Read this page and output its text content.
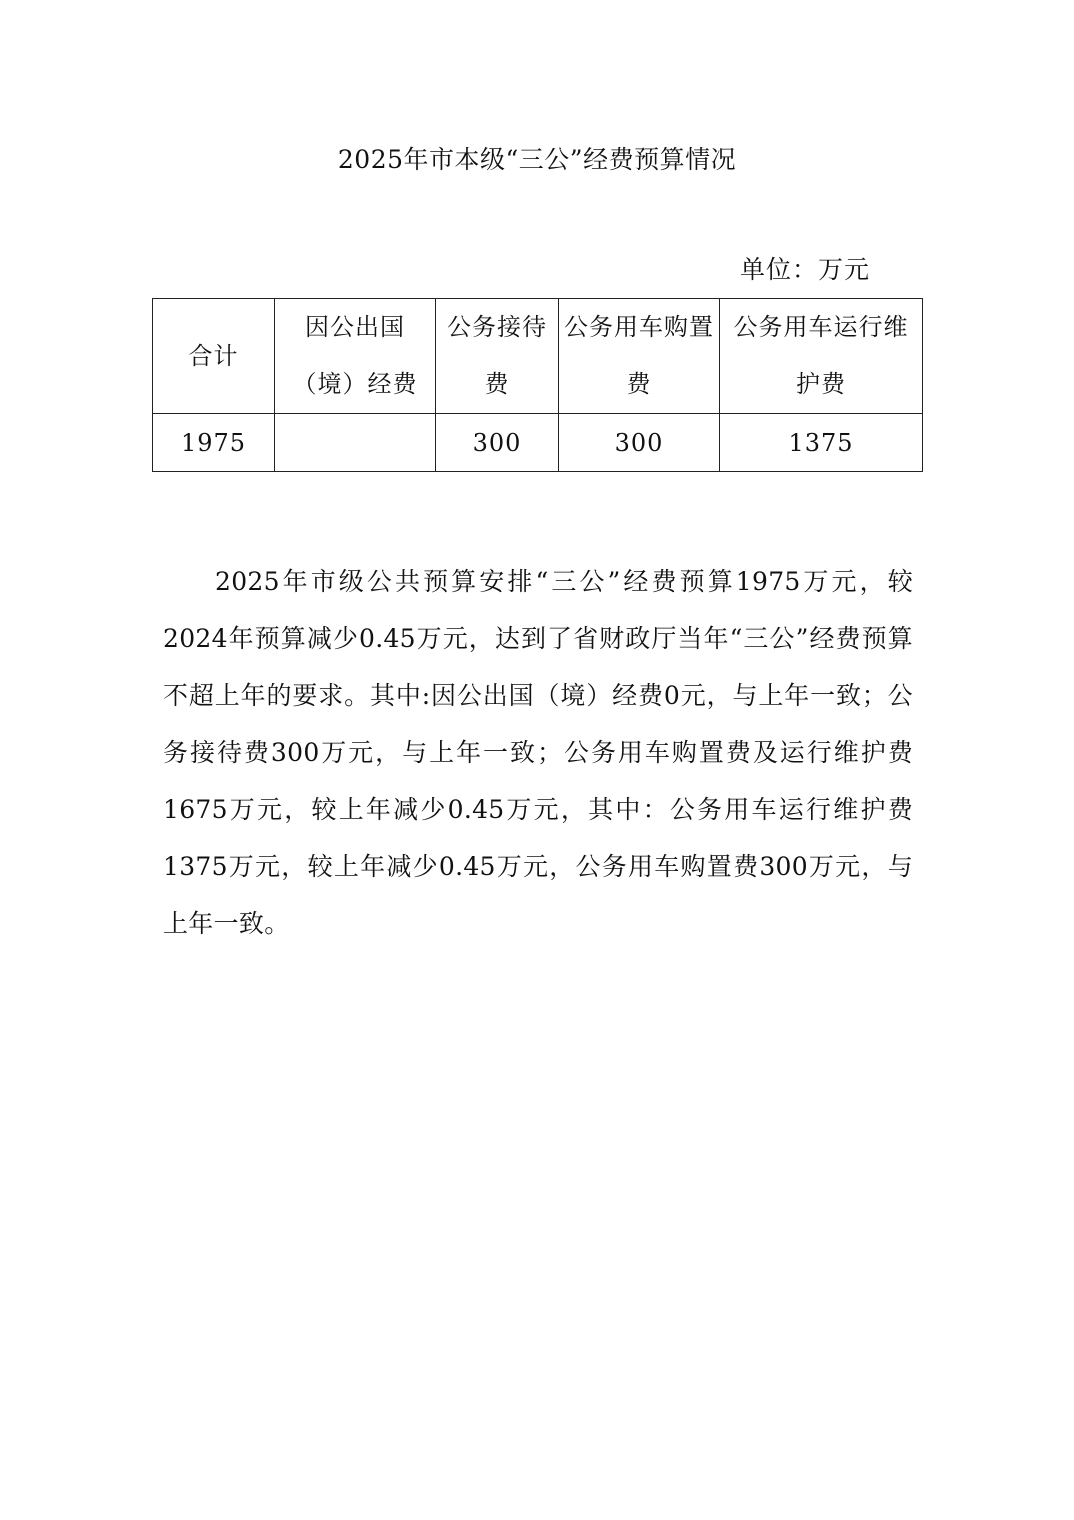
2025年市本级“三公”经费预算情况
单位：万元
合计	因公出国（境）经费	公务接待费	公务用车购置费	公务用车运行维护费
1975		300	300	1375

2025年市级公共预算安排“三公”经费预算1975万元，较2024年预算减少0.45万元，达到了省财政厅当年“三公”经费预算不超上年的要求。其中:因公出国（境）经费0元，与上年一致；公务接待费300万元，与上年一致；公务用车购置费及运行维护费1675万元，较上年减少0.45万元，其中：公务用车运行维护费1375万元，较上年减少0.45万元，公务用车购置费300万元，与上年一致。
